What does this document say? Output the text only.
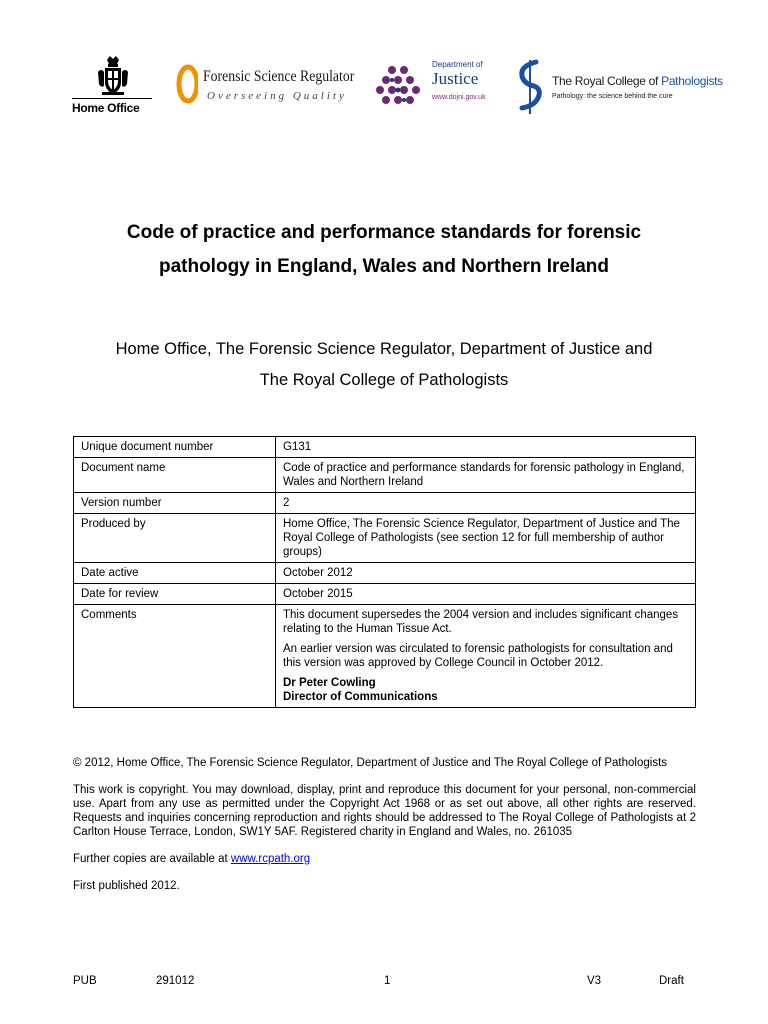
Home Office
Forensic Science Regulator
Overseeing Quality
Department of
Justice
www.dojni.gov.uk
The Royal College of Pathologists
Pathology: the science behind the cure
Code of practice and performance standards for forensic
pathology in England, Wales and Northern Ireland
Home Office, The Forensic Science Regulator, Department of Justice and
The Royal College of Pathologists
Unique document number	G131
Document name	Code of practice and performance standards for forensic pathology in England, Wales and Northern Ireland
Version number	2
Produced by	Home Office, The Forensic Science Regulator, Department of Justice and The Royal College of Pathologists (see section 12 for full membership of author groups)
Date active	October 2012
Date for review	October 2015
Comments	This document supersedes the 2004 version and includes significant changes relating to the Human Tissue Act.

An earlier version was circulated to forensic pathologists for consultation and this version was approved by College Council in October 2012.

Dr Peter Cowling

Director of Communications

© 2012, Home Office, The Forensic Science Regulator, Department of Justice and The Royal College of Pathologists

This work is copyright. You may download, display, print and reproduce this document for your personal, non-commercial use. Apart from any use as permitted under the Copyright Act 1968 or as set out above, all other rights are reserved. Requests and inquiries concerning reproduction and rights should be addressed to The Royal College of Pathologists at 2 Carlton House Terrace, London, SW1Y 5AF. Registered charity in England and Wales, no. 261035

Further copies are available at www.rcpath.org

First published 2012.

PUB	291012	1	V3	Draft
